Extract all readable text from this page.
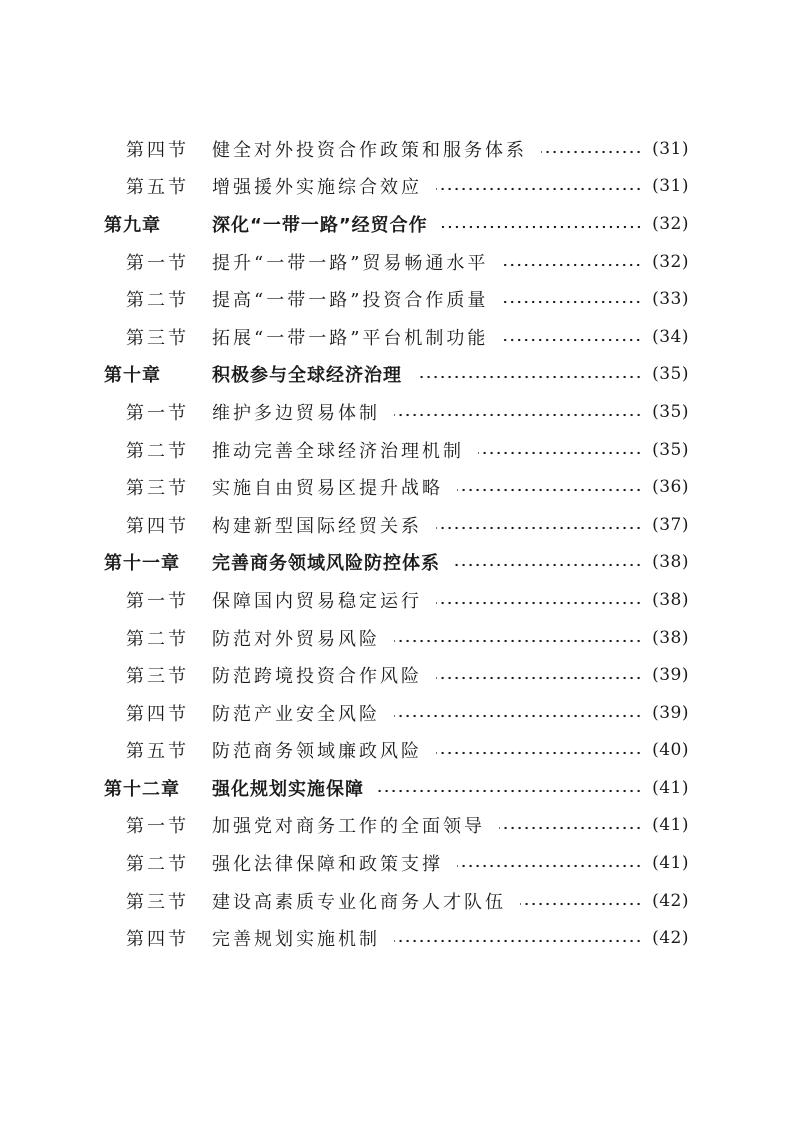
第四节 健全对外投资合作政策和服务体系	(31)
第五节 增强援外实施综合效应	(31)
第九章	深化“一带一路”经贸合作	(32)
第一节 提升“一带一路”贸易畅通水平	(32)
第二节 提高“一带一路”投资合作质量	(33)
第三节 拓展“一带一路”平台机制功能	(34)
第十章	积极参与全球经济治理	(35)
第一节 维护多边贸易体制	(35)
第二节 推动完善全球经济治理机制	(35)
第三节 实施自由贸易区提升战略	(36)
第四节 构建新型国际经贸关系	(37)
第十一章 完善商务领域风险防控体系	(38)
第一节 保障国内贸易稳定运行	(38)
第二节 防范对外贸易风险	(38)
第三节 防范跨境投资合作风险	(39)
第四节 防范产业安全风险	(39)
第五节 防范商务领域廉政风险	(40)
第十二章 强化规划实施保障	(41)
第一节 加强党对商务工作的全面领导	(41)
第二节 强化法律保障和政策支撑	(41)
第三节 建设高素质专业化商务人才队伍	(42)
第四节 完善规划实施机制	(42)
